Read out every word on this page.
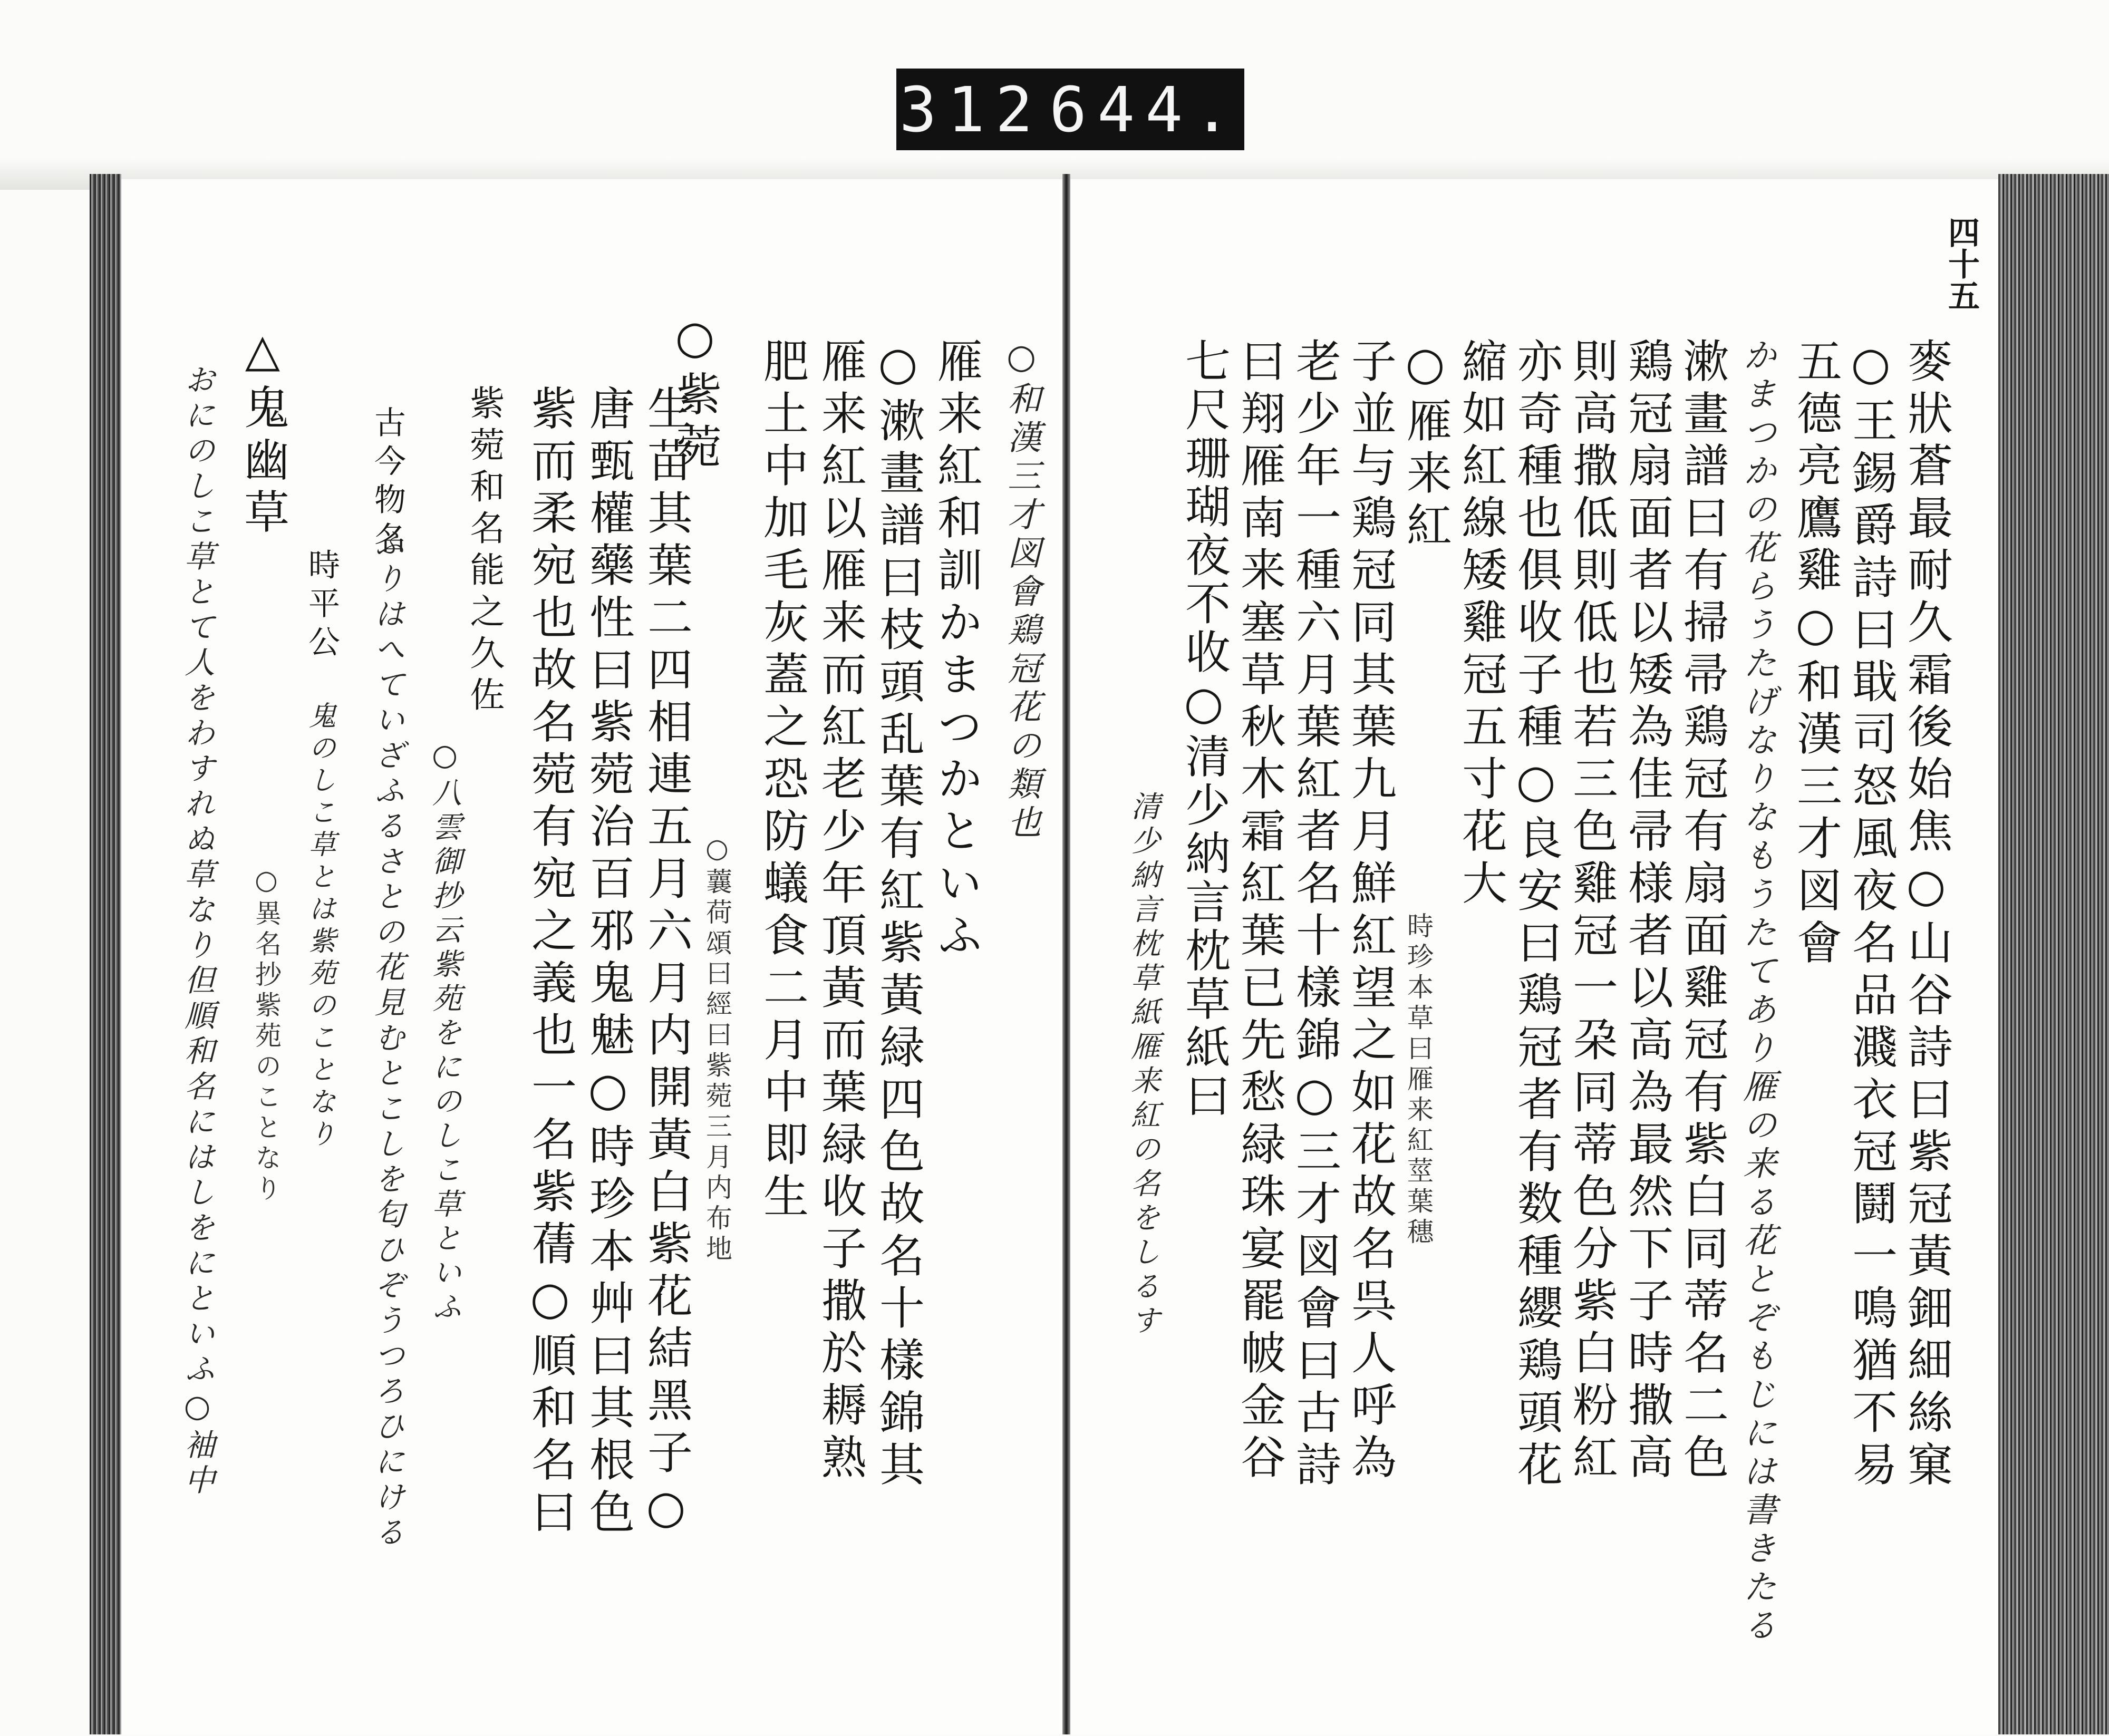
312 644.
四十五
麥狀蒼最耐久霜後始焦○山谷詩曰紫冠黃鈿細絲窠
○王錫爵詩曰戢司怒風夜名品濺衣冠鬪一鳴猶不易
五德亮鷹雞○和漢三才図會
かまつかの花らうたげなりなもうたてあり雁の来る花とぞもじには書きたる
漱畫譜曰有掃帚鶏冠有扇面雞冠有紫白同蒂名二色
鶏冠扇面者以矮為佳帚様者以高為最然下子時撒高
則高撒低則低也若三色雞冠一朶同蒂色分紫白粉紅
亦奇種也俱收子種○良安曰鶏冠者有数種纓鶏頭花
縮如紅線矮雞冠五寸花大
○雁来紅
時珍本草曰雁来紅莖葉穗
子並与鶏冠同其葉九月鮮紅望之如花故名呉人呼為
老少年一種六月葉紅者名十樣錦○三才図會曰古詩
曰翔雁南来塞草秋木霜紅葉已先愁緑珠宴罷帔金谷
七尺珊瑚夜不收○清少納言枕草紙曰
清少納言枕草紙雁来紅の名をしるす
○和漢三才図會鶏冠花の類也
雁来紅和訓かまつかといふ
○漱畫譜曰枝頭乱葉有紅紫黃緑四色故名十樣錦其
雁来紅以雁来而紅老少年頂黃而葉緑收子撒於耨熟
肥土中加毛灰蓋之恐防蟻食二月中即生
○紫菀
○蘘荷頌曰經曰紫菀三月内布地
生苗其葉二四相連五月六月内開黃白紫花結黑子○
唐甄權藥性曰紫菀治百邪鬼魅○時珍本艸曰其根色
紫而柔宛也故名菀有宛之義也一名紫蒨○順和名曰
紫菀和名能之久佐
○八雲御抄云紫苑をにのしこ草といふ
古今物名
ふりはへていざふるさとの花見むとこしを匂ひぞうつろひにける
時平公
鬼のしこ草とは紫苑のことなり
△鬼幽草
○異名抄紫苑のことなり
おにのしこ草とて人をわすれぬ草なり但順和名にはしをにといふ○袖中
